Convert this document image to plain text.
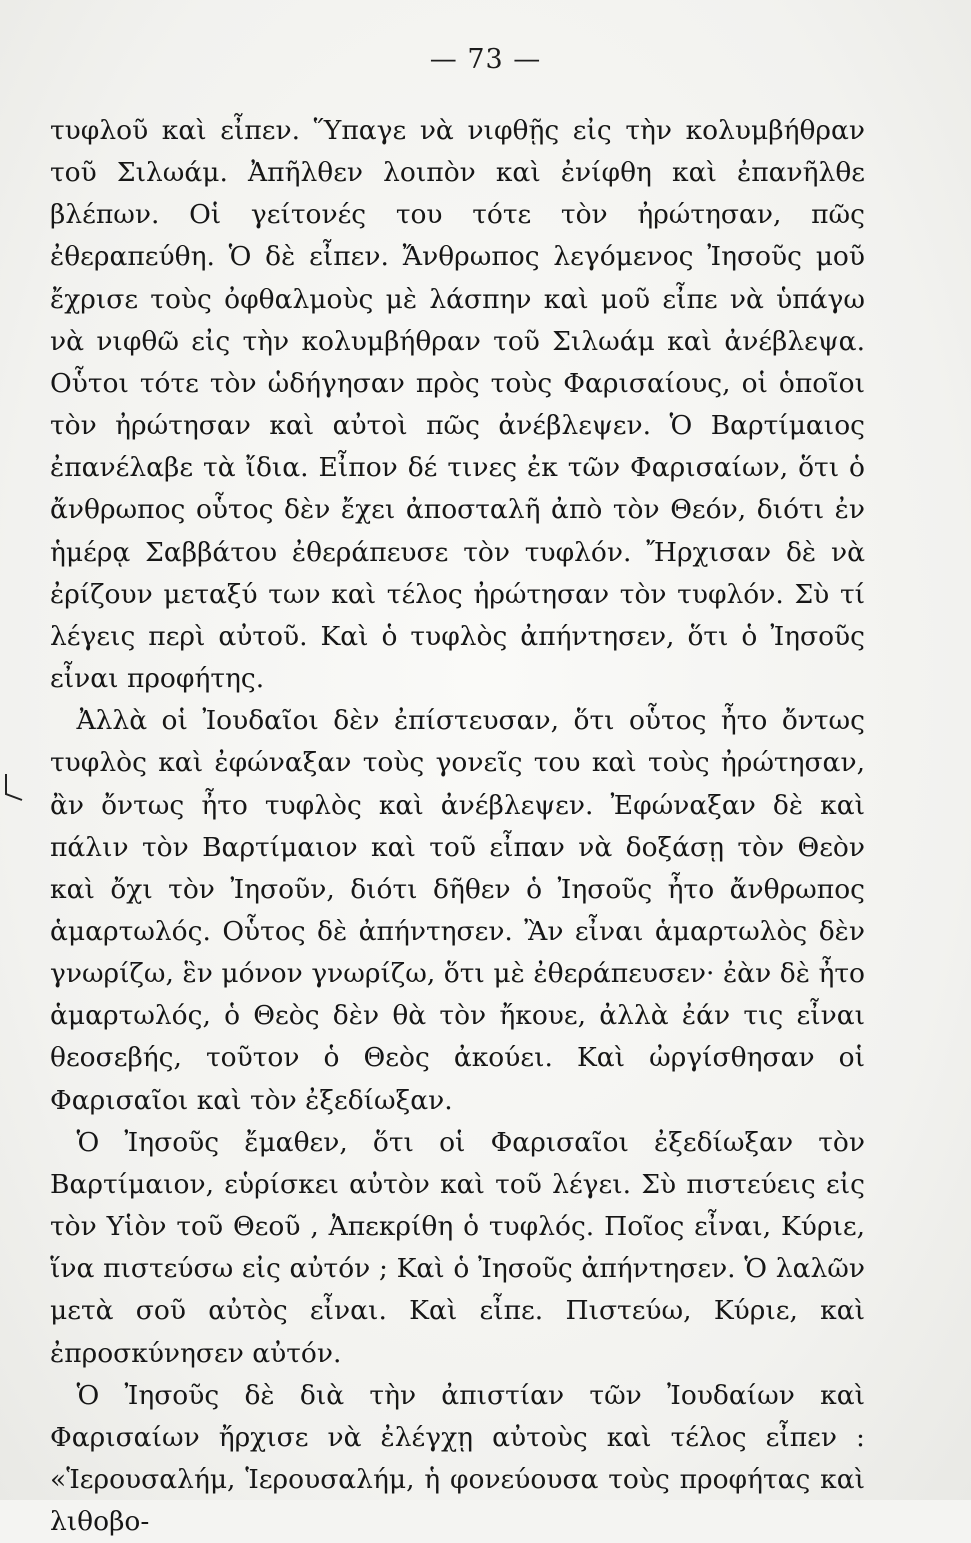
— 73 —

τυφλοῦ καὶ εἶπεν. Ὕπαγε νὰ νιφθῇς εἰς τὴν κολυμβήθραν τοῦ Σιλωάμ. Ἀπῆλθεν λοιπὸν καὶ ἐνίφθη καὶ ἐπανῆλθε βλέπων. Οἱ γείτονές του τότε τὸν ἠρώτησαν, πῶς ἐθεραπεύθη. Ὁ δὲ εἶπεν. Ἄνθρωπος λεγόμενος Ἰησοῦς μοῦ ἔχρισε τοὺς ὀφθαλμοὺς μὲ λάσπην καὶ μοῦ εἶπε νὰ ὑπάγω νὰ νιφθῶ εἰς τὴν κολυμβήθραν τοῦ Σιλωάμ καὶ ἀνέβλεψα. Οὗτοι τότε τὸν ὡδήγησαν πρὸς τοὺς Φαρισαίους, οἱ ὁποῖοι τὸν ἠρώτησαν καὶ αὐτοὶ πῶς ἀνέβλεψεν. Ὁ Βαρτίμαιος ἐπανέλαβε τὰ ἴδια. Εἶπον δέ τινες ἐκ τῶν Φαρισαίων, ὅτι ὁ ἄνθρωπος οὗτος δὲν ἔχει ἀποσταλῆ ἀπὸ τὸν Θεόν, διότι ἐν ἡμέρᾳ Σαββάτου ἐθεράπευσε τὸν τυφλόν. Ἤρχισαν δὲ νὰ ἐρίζουν μεταξύ των καὶ τέλος ἠρώτησαν τὸν τυφλόν. Σὺ τί λέγεις περὶ αὐτοῦ. Καὶ ὁ τυφλὸς ἀπήντησεν, ὅτι ὁ Ἰησοῦς εἶναι προφήτης.

Ἀλλὰ οἱ Ἰουδαῖοι δὲν ἐπίστευσαν, ὅτι οὗτος ἦτο ὄντως τυφλὸς καὶ ἐφώναξαν τοὺς γονεῖς του καὶ τοὺς ἠρώτησαν, ἂν ὄντως ἦτο τυφλὸς καὶ ἀνέβλεψεν. Ἐφώναξαν δὲ καὶ πάλιν τὸν Βαρτίμαιον καὶ τοῦ εἶπαν νὰ δοξάσῃ τὸν Θεὸν καὶ ὄχι τὸν Ἰησοῦν, διότι δῆθεν ὁ Ἰησοῦς ἦτο ἄνθρωπος ἁμαρτωλός. Οὗτος δὲ ἀπήντησεν. Ἂν εἶναι ἁμαρτωλὸς δὲν γνωρίζω, ἓν μόνον γνωρίζω, ὅτι μὲ ἐθεράπευσεν· ἐὰν δὲ ἦτο ἁμαρτωλός, ὁ Θεὸς δὲν θὰ τὸν ἤκουε, ἀλλὰ ἐάν τις εἶναι θεοσεβής, τοῦτον ὁ Θεὸς ἀκούει. Καὶ ὠργίσθησαν οἱ Φαρισαῖοι καὶ τὸν ἐξεδίωξαν.

Ὁ Ἰησοῦς ἔμαθεν, ὅτι οἱ Φαρισαῖοι ἐξεδίωξαν τὸν Βαρτίμαιον, εὑρίσκει αὐτὸν καὶ τοῦ λέγει. Σὺ πιστεύεις εἰς τὸν Υἱὸν τοῦ Θεοῦ , Ἀπεκρίθη ὁ τυφλός. Ποῖος εἶναι, Κύριε, ἵνα πιστεύσω εἰς αὐτόν ; Καὶ ὁ Ἰησοῦς ἀπήντησεν. Ὁ λαλῶν μετὰ σοῦ αὐτὸς εἶναι. Καὶ εἶπε. Πιστεύω, Κύριε, καὶ ἐπροσκύνησεν αὐτόν.

Ὁ Ἰησοῦς δὲ διὰ τὴν ἀπιστίαν τῶν Ἰουδαίων καὶ Φαρισαίων ἤρχισε νὰ ἐλέγχῃ αὐτοὺς καὶ τέλος εἶπεν : «Ἱερουσαλήμ, Ἱερουσαλήμ, ἡ φονεύουσα τοὺς προφήτας καὶ λιθοβο-
